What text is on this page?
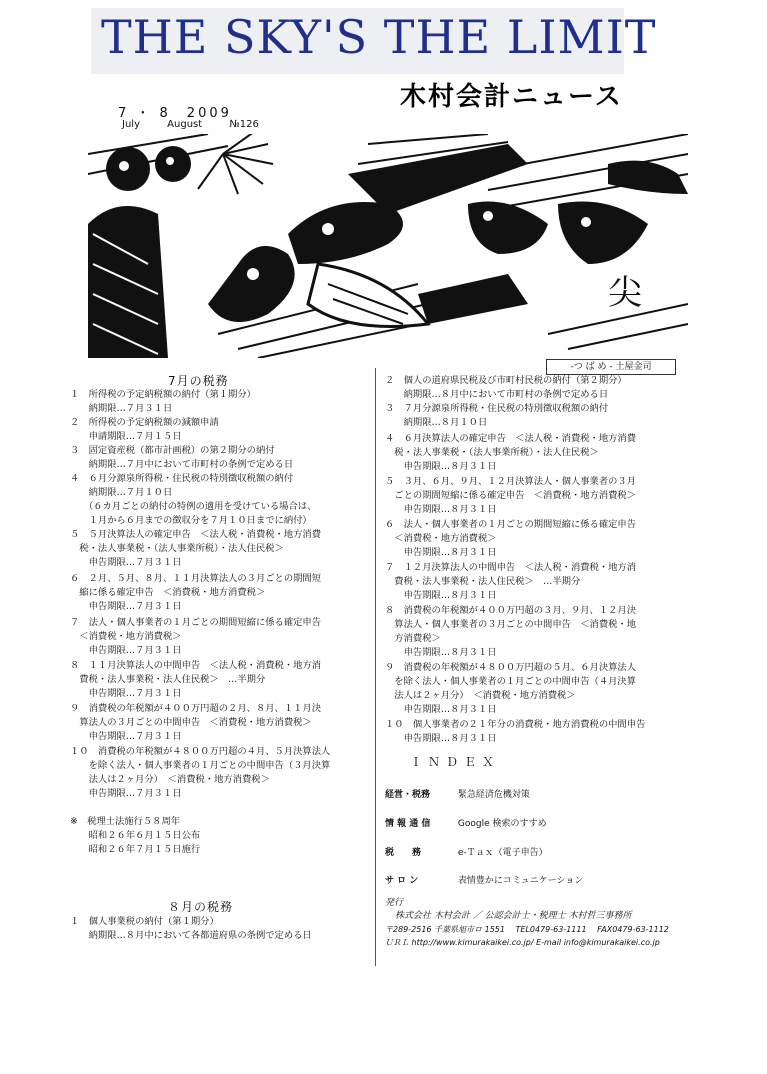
THE SKY'S THE LIMIT
木村会計ニュース
7 ・ 8　2009
July August №126
尖
-つ ば め - 土屋金司
7月の税務
１　所得税の予定納税額の納付（第１期分）
　　納期限…７月３１日
２　所得税の予定納税額の減額申請
　　申請期限…７月１５日
３　固定資産税（都市計画税）の第２期分の納付
　　納期限…７月中において市町村の条例で定める日
４　６月分源泉所得税・住民税の特別徴収税額の納付
　　納期限…７月１０日
　　（６カ月ごとの納付の特例の適用を受けている場合は、
　　１月から６月までの徴収分を７月１０日までに納付）
５　５月決算法人の確定申告　＜法人税・消費税・地方消費
　税・法人事業税・（法人事業所税）・法人住民税＞
　　申告期限…７月３１日
６　２月、５月、８月、１１月決算法人の３月ごとの期間短
　縮に係る確定申告　＜消費税・地方消費税＞
　　申告期限…７月３１日
７　法人・個人事業者の１月ごとの期間短縮に係る確定申告
　＜消費税・地方消費税＞
　　申告期限…７月３１日
８　１１月決算法人の中間申告　＜法人税・消費税・地方消
　費税・法人事業税・法人住民税＞　…半期分
　　申告期限…７月３１日
９　消費税の年税額が４００万円超の２月、８月、１１月決
　算法人の３月ごとの中間申告　＜消費税・地方消費税＞
　　申告期限…７月３１日
１０　消費税の年税額が４８００万円超の４月、５月決算法人
　　を除く法人・個人事業者の１月ごとの中間申告（３月決算
　　法人は２ヶ月分）　＜消費税・地方消費税＞
　　申告期限…７月３１日
※　税理士法施行５８周年
　　昭和２６年６月１５日公布
　　昭和２６年７月１５日施行
８月の税務
１　個人事業税の納付（第１期分）
　　納期限…８月中において各都道府県の条例で定める日
２　個人の道府県民税及び市町村民税の納付（第２期分）
　　納期限…８月中において市町村の条例で定める日
３　７月分源泉所得税・住民税の特別徴収税額の納付
　　納期限…８月１０日
４　６月決算法人の確定申告　＜法人税・消費税・地方消費
　税・法人事業税・（法人事業所税）・法人住民税＞
　　申告期限…８月３１日
５　３月、６月、９月、１２月決算法人・個人事業者の３月
　ごとの期間短縮に係る確定申告　＜消費税・地方消費税＞
　　申告期限…８月３１日
６　法人・個人事業者の１月ごとの期間短縮に係る確定申告
　＜消費税・地方消費税＞
　　申告期限…８月３１日
７　１２月決算法人の中間申告　＜法人税・消費税・地方消
　費税・法人事業税・法人住民税＞　…半期分
　　申告期限…８月３１日
８　消費税の年税額が４００万円超の３月、９月、１２月決
　算法人・個人事業者の３月ごとの中間申告　＜消費税・地
　方消費税＞
　　申告期限…８月３１日
９　消費税の年税額が４８００万円超の５月、６月決算法人
　を除く法人・個人事業者の１月ごとの中間申告（４月決算
　法人は２ヶ月分）　＜消費税・地方消費税＞
　　申告期限…８月３１日
１０　個人事業者の２１年分の消費税・地方消費税の中間申告
　　申告期限…８月３１日
ＩＮＤＥＸ
経営・税務	緊急経済危機対策
情 報 通 信	Google 検索のすすめ
税　　務	e-Ｔａｘ（電子申告）
サ ロ ン	表情豊かにコミュニケーション
発行
株式会社 木村会計 ／ 公認会計士・税理士 木村哲三事務所
〒289-2516 千葉県旭市ロ 1551　 TEL0479-63-1111　 FAX0479-63-1112
ＵＲＬ http://www.kimurakaikei.co.jp/ E-mail info@kimurakaikei.co.jp
